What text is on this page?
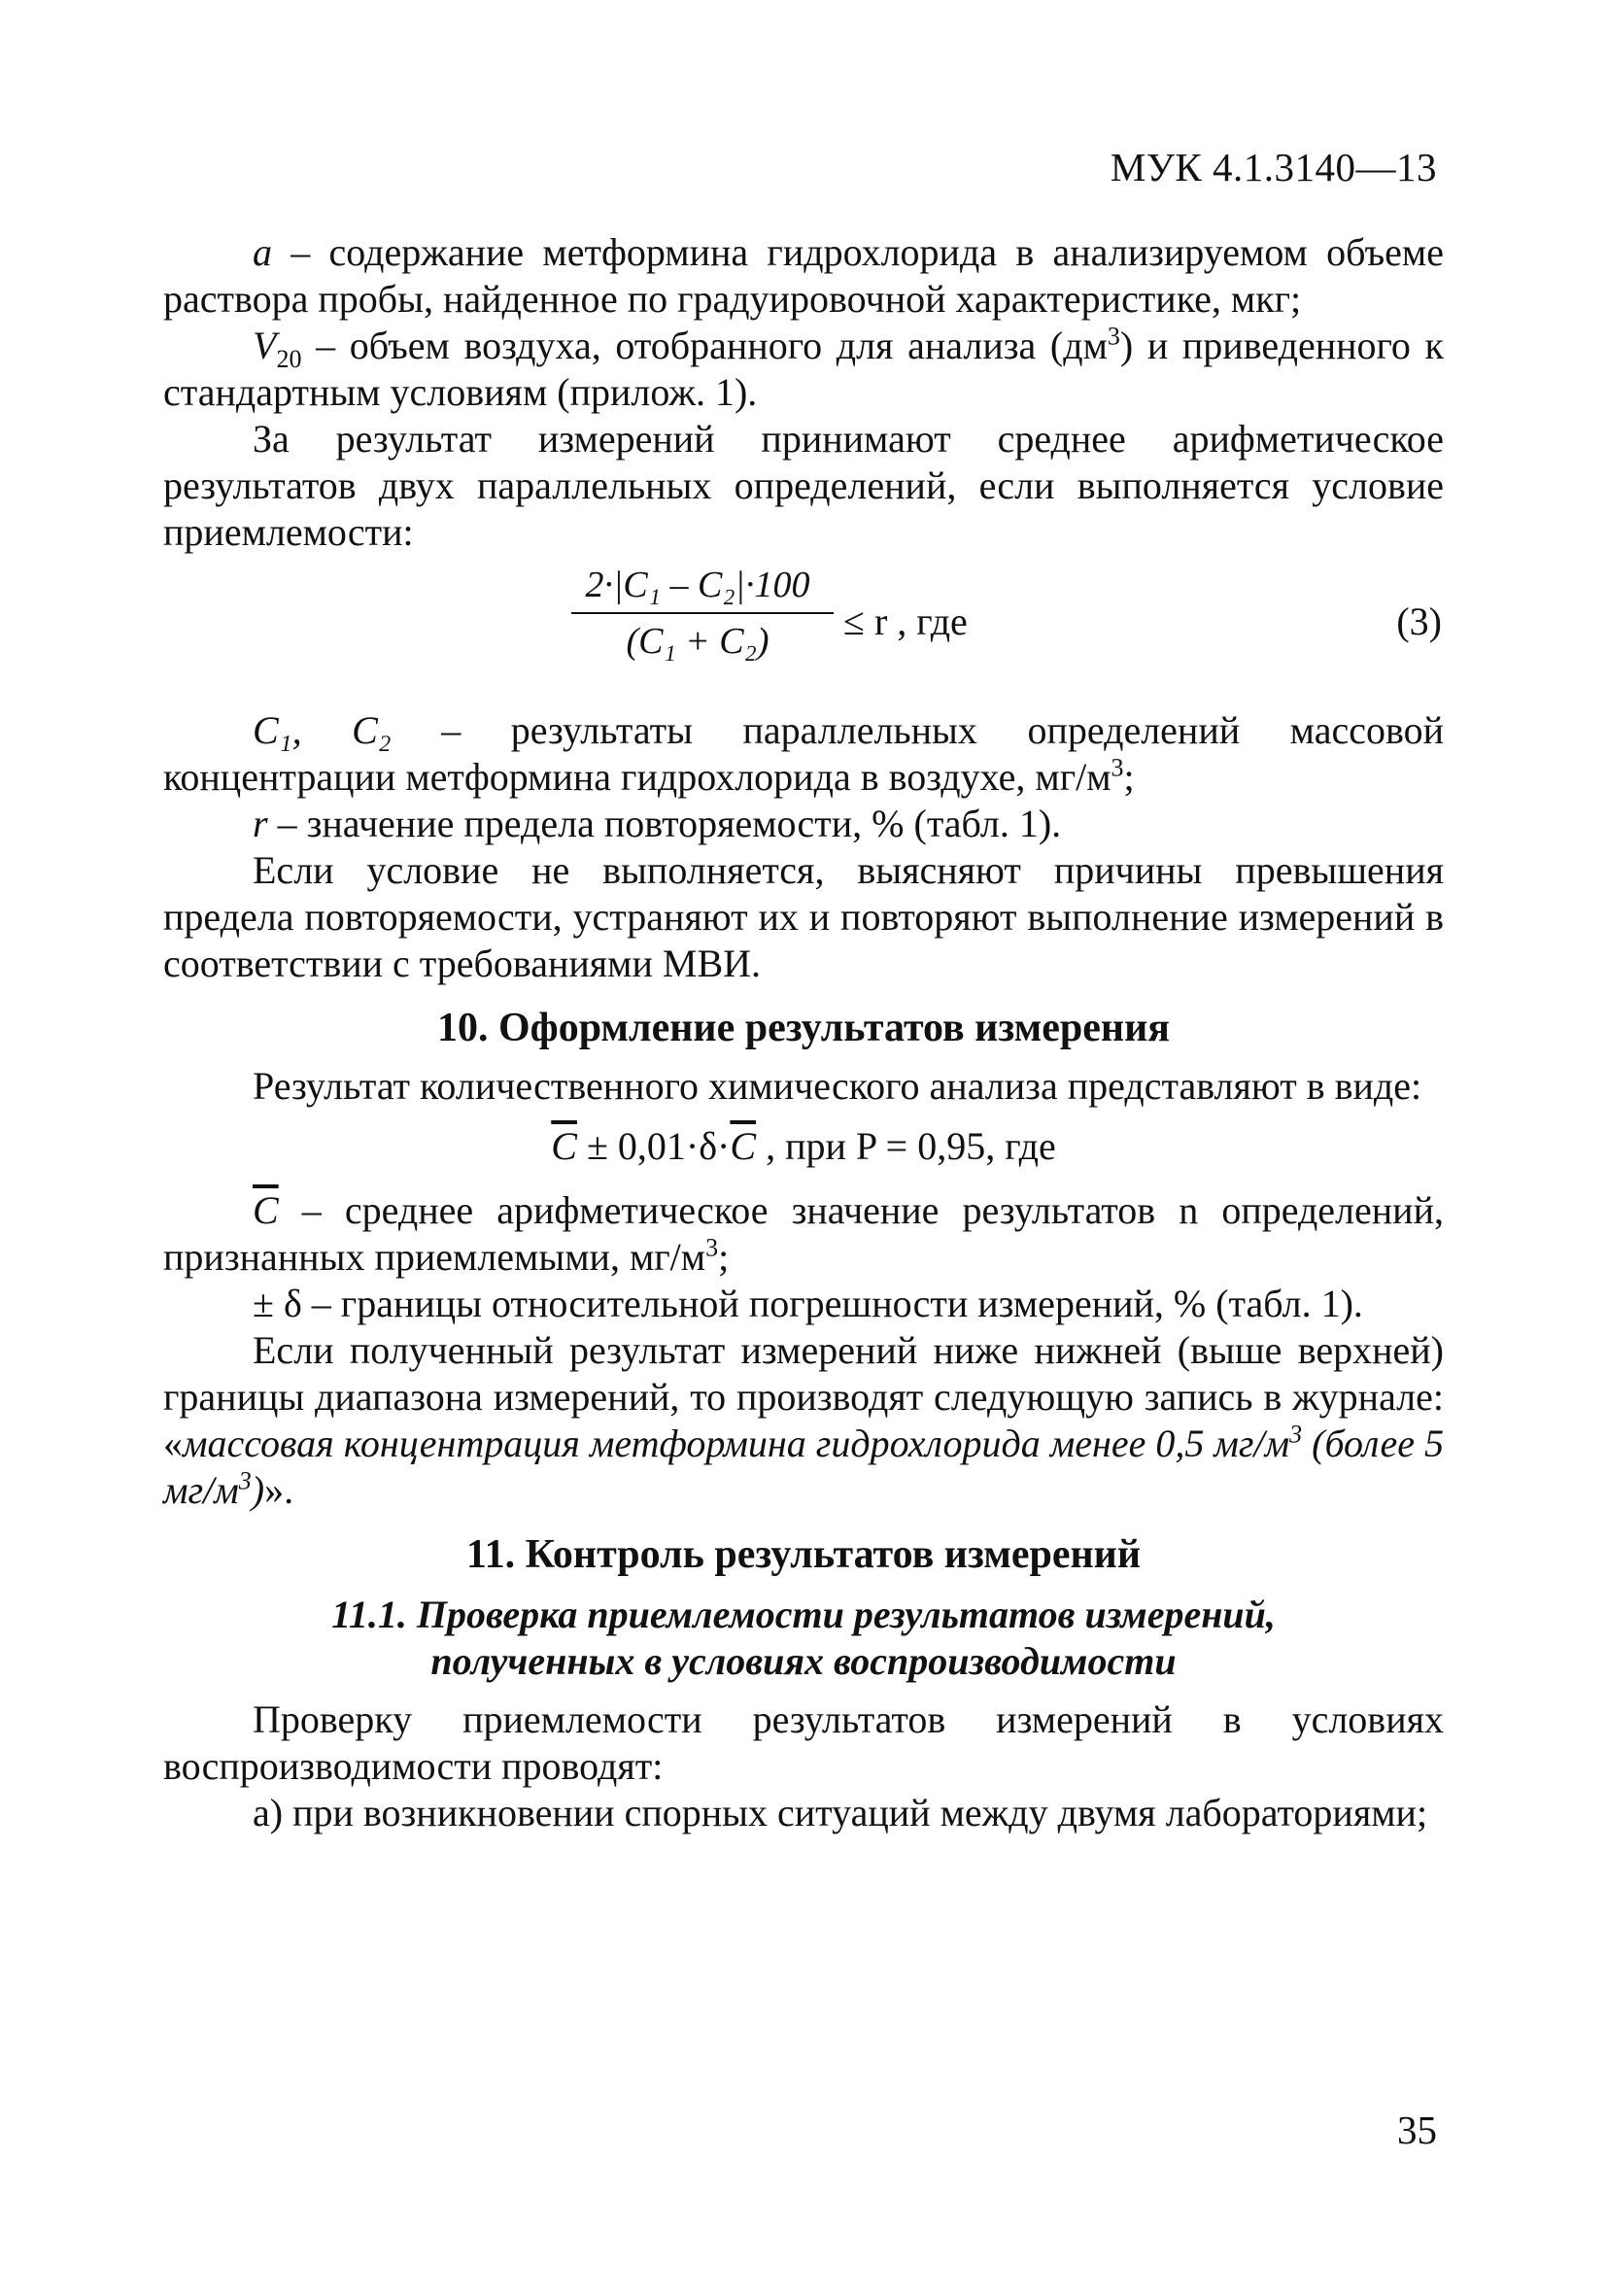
МУК 4.1.3140—13

a – содержание метформина гидрохлорида в анализируемом объеме раствора пробы, найденное по градуировочной характеристике, мкг;

$V_{20}$ – объем воздуха, отобранного для анализа $(дм^3)$ и приведенного к стандартным условиям (прилож. 1).

За результат измерений принимают среднее арифметическое результатов двух параллельных определений, если выполняется условие приемлемости:

2·|C₁ – C₂|·100
(C₁ + C₂)	≤ r , где	(3)

C₁, C₂ – результаты параллельных определений массовой концентрации метформина гидрохлорида в воздухе, $мг/м^3$;

r – значение предела повторяемости, % (табл. 1).

Если условие не выполняется, выясняют причины превышения предела повторяемости, устраняют их и повторяют выполнение измерений в соответствии с требованиями МВИ.

10. Оформление результатов измерения

Результат количественного химического анализа представляют в виде:

$\overline{C} \pm 0,01\cdot\delta\cdot\overline{C}$ , при P = 0,95, где

$\overline{C}$ – среднее арифметическое значение результатов n определений, признанных приемлемыми, $мг/м^3$;

± δ – границы относительной погрешности измерений, % (табл. 1).

Если полученный результат измерений ниже нижней (выше верхней) границы диапазона измерений, то производят следующую запись в журнале: «массовая концентрация метформина гидрохлорида менее 0,5 $мг/м^3$ (более 5 $мг/м^3$)».

11. Контроль результатов измерений
11.1. Проверка приемлемости результатов измерений,
полученных в условиях воспроизводимости

Проверку приемлемости результатов измерений в условиях воспроизводимости проводят:

а) при возникновении спорных ситуаций между двумя лабораториями;

35
